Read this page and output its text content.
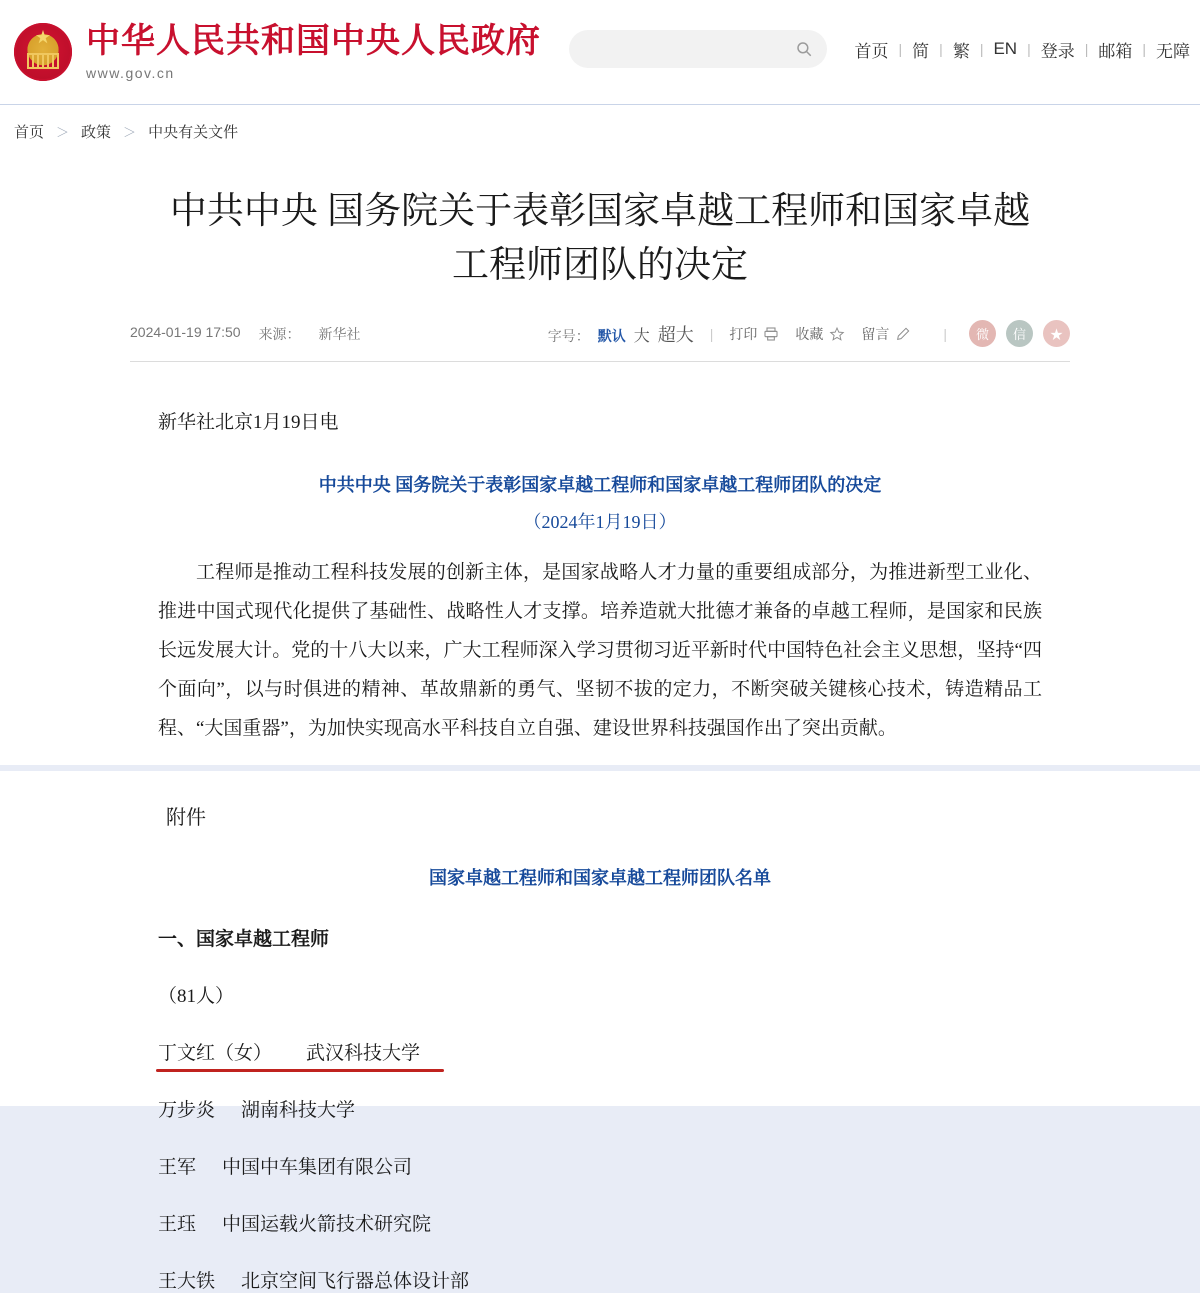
★
中华人民共和国中央人民政府
www.gov.cn
首页 | 简 | 繁 | EN | 登录 | 邮箱 | 无障
首页 ＞ 政策 ＞ 中央有关文件
中共中央 国务院关于表彰国家卓越工程师和国家卓越工程师团队的决定
2024-01-19 17:50 来源： 新华社	字号： 默认 大 超大 | 打印	收藏	留言	|	微	信	★

新华社北京1月19日电

中共中央 国务院关于表彰国家卓越工程师和国家卓越工程师团队的决定

（2024年1月19日）

工程师是推动工程科技发展的创新主体，是国家战略人才力量的重要组成部分，为推进新型工业化、推进中国式现代化提供了基础性、战略性人才支撑。培养造就大批德才兼备的卓越工程师，是国家和民族长远发展大计。党的十八大以来，广大工程师深入学习贯彻习近平新时代中国特色社会主义思想，坚持“四个面向”，以与时俱进的精神、革故鼎新的勇气、坚韧不拔的定力，不断突破关键核心技术，铸造精品工程、“大国重器”，为加快实现高水平科技自立自强、建设世界科技强国作出了突出贡献。

附件

国家卓越工程师和国家卓越工程师团队名单

一、国家卓越工程师

（81人）

丁文红（女） 武汉科技大学

万步炎 湖南科技大学

王军 中国中车集团有限公司

王珏 中国运载火箭技术研究院

王大铁 北京空间飞行器总体设计部
